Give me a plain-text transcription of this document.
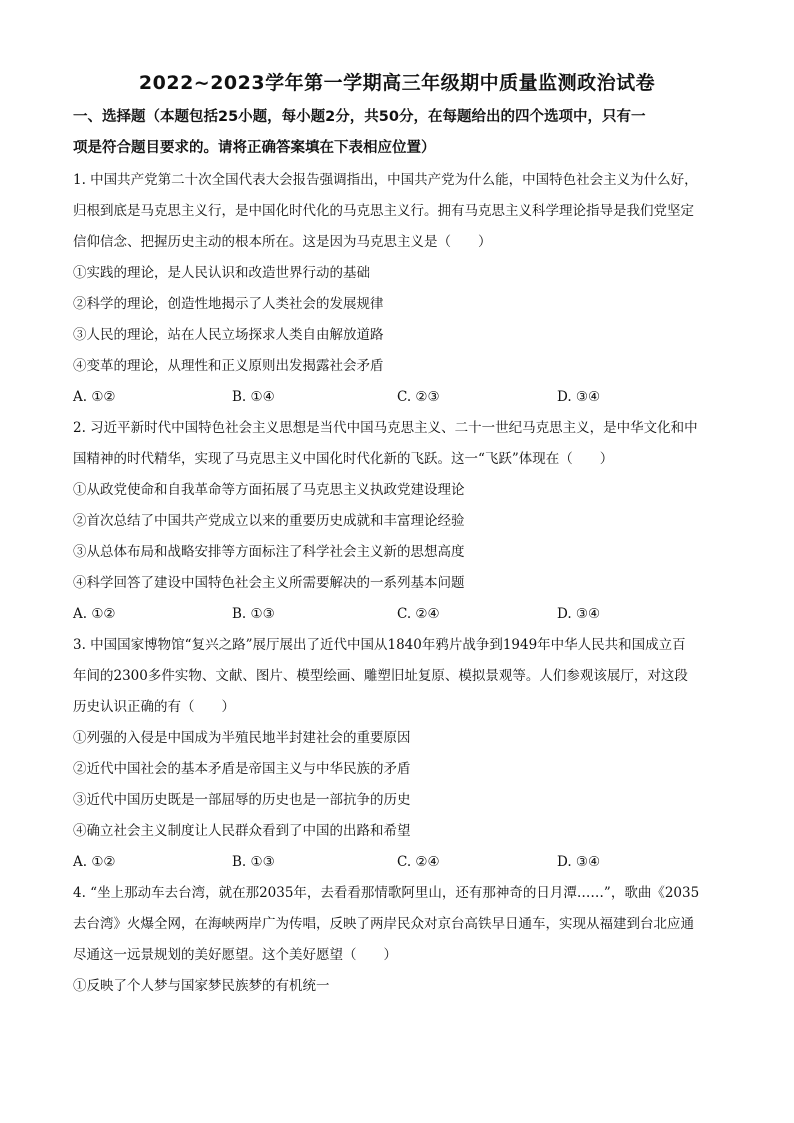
2022~2023学年第一学期高三年级期中质量监测政治试卷
一、选择题（本题包括25小题，每小题2分，共50分，在每题给出的四个选项中，只有一
项是符合题目要求的。请将正确答案填在下表相应位置）
1. 中国共产党第二十次全国代表大会报告强调指出，中国共产党为什么能，中国特色社会主义为什么好，
归根到底是马克思主义行，是中国化时代化的马克思主义行。拥有马克思主义科学理论指导是我们党坚定
信仰信念、把握历史主动的根本所在。这是因为马克思主义是（　　）
①实践的理论，是人民认识和改造世界行动的基础
②科学的理论，创造性地揭示了人类社会的发展规律
③人民的理论，站在人民立场探求人类自由解放道路
④变革的理论，从理性和正义原则出发揭露社会矛盾
A. ①②	B. ①④	C. ②③	D. ③④
2. 习近平新时代中国特色社会主义思想是当代中国马克思主义、二十一世纪马克思主义，是中华文化和中
国精神的时代精华，实现了马克思主义中国化时代化新的飞跃。这一“飞跃”体现在（　　）
①从政党使命和自我革命等方面拓展了马克思主义执政党建设理论
②首次总结了中国共产党成立以来的重要历史成就和丰富理论经验
③从总体布局和战略安排等方面标注了科学社会主义新的思想高度
④科学回答了建设中国特色社会主义所需要解决的一系列基本问题
A. ①②	B. ①③	C. ②④	D. ③④
3. 中国国家博物馆“复兴之路”展厅展出了近代中国从1840年鸦片战争到1949年中华人民共和国成立百
年间的2300多件实物、文献、图片、模型绘画、雕塑旧址复原、模拟景观等。人们参观该展厅，对这段
历史认识正确的有（　　）
①列强的入侵是中国成为半殖民地半封建社会的重要原因
②近代中国社会的基本矛盾是帝国主义与中华民族的矛盾
③近代中国历史既是一部屈辱的历史也是一部抗争的历史
④确立社会主义制度让人民群众看到了中国的出路和希望
A. ①②	B. ①③	C. ②④	D. ③④
4. “坐上那动车去台湾，就在那2035年，去看看那情歌阿里山，还有那神奇的日月潭……”，歌曲《2035
去台湾》火爆全网，在海峡两岸广为传唱，反映了两岸民众对京台高铁早日通车，实现从福建到台北应通
尽通这一远景规划的美好愿望。这个美好愿望（　　）
①反映了个人梦与国家梦民族梦的有机统一
